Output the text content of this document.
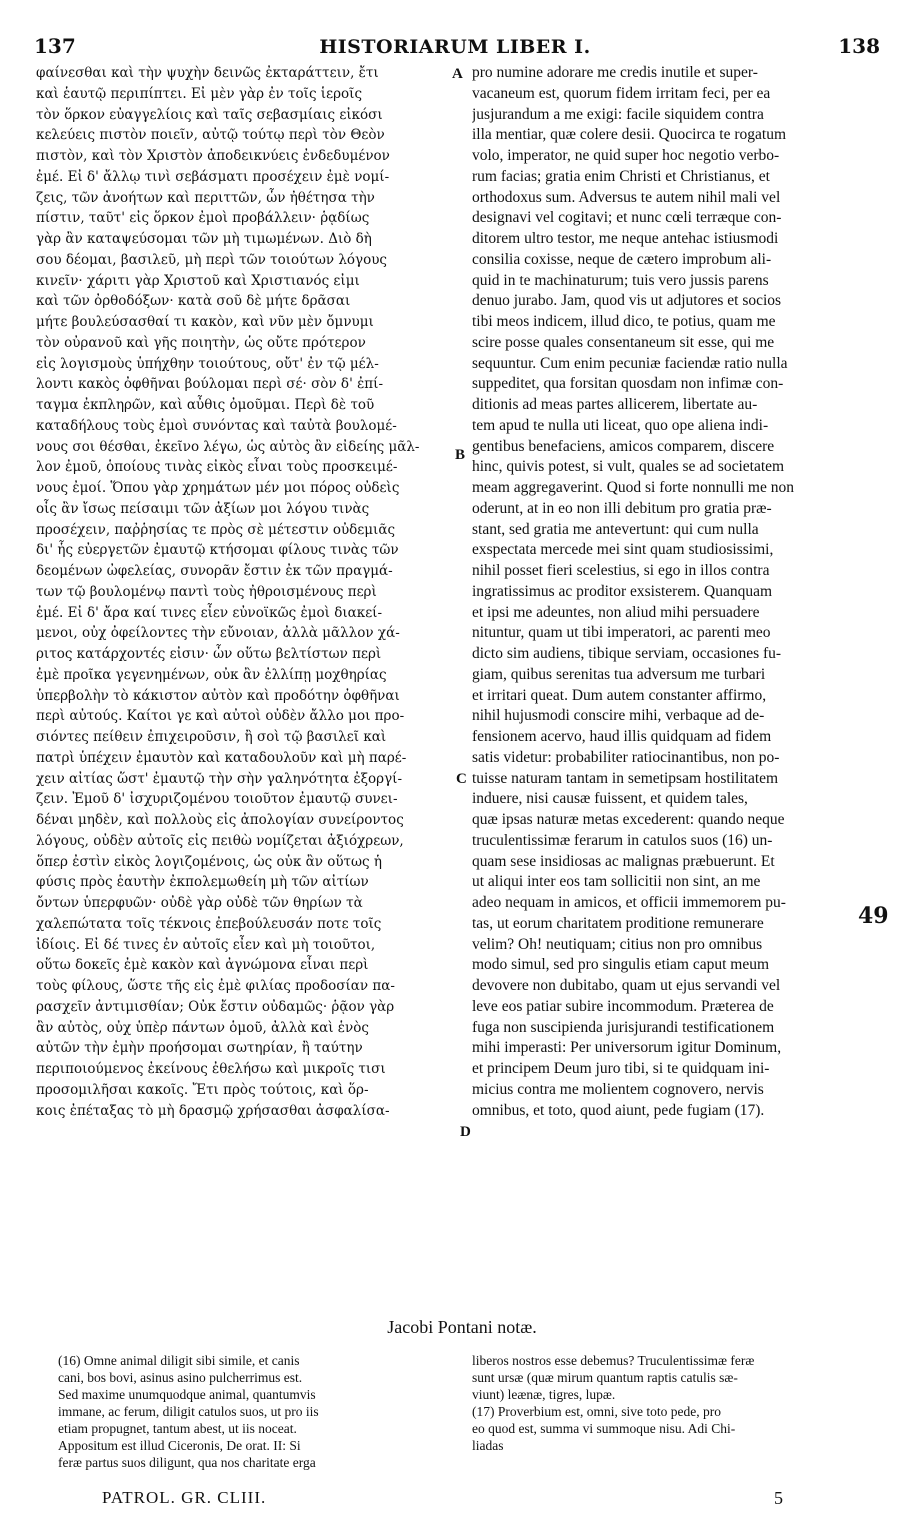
137	HISTORIARUM LIBER I.	138
φαίνεσθαι καὶ τὴν ψυχὴν δεινῶς ἐκταράττειν, ἔτι
καὶ ἑαυτῷ περιπίπτει. Εἰ μὲν γὰρ ἐν τοῖς ἱεροῖς
τὸν ὅρκον εὐαγγελίοις καὶ ταῖς σεβασμίαις εἰκόσι
κελεύεις πιστὸν ποιεῖν, αὐτῷ τούτῳ περὶ τὸν Θεὸν
πιστὸν, καὶ τὸν Χριστὸν ἀποδεικνύεις ἐνδεδυμένον
ἐμέ. Εἰ δ' ἄλλῳ τινὶ σεβάσματι προσέχειν ἐμὲ νομί-
ζεις, τῶν ἀνοήτων καὶ περιττῶν, ὧν ἠθέτησα τὴν
πίστιν, ταῦτ' εἰς ὅρκον ἐμοὶ προβάλλειν· ῥᾳδίως
γὰρ ἂν καταψεύσομαι τῶν μὴ τιμωμένων. Διὸ δὴ
σου δέομαι, βασιλεῦ, μὴ περὶ τῶν τοιούτων λόγους
κινεῖν· χάριτι γὰρ Χριστοῦ καὶ Χριστιανός εἰμι
καὶ τῶν ὀρθοδόξων· κατὰ σοῦ δὲ μήτε δρᾶσαι
μήτε βουλεύσασθαί τι κακὸν, καὶ νῦν μὲν ὄμνυμι
τὸν οὐρανοῦ καὶ γῆς ποιητὴν, ὡς οὔτε πρότερον
εἰς λογισμοὺς ὑπήχθην τοιούτους, οὔτ' ἐν τῷ μέλ-
λοντι κακὸς ὀφθῆναι βούλομαι περὶ σέ· σὸν δ' ἐπί-
ταγμα ἐκπληρῶν, καὶ αὖθις ὀμοῦμαι. Περὶ δὲ τοῦ
καταδήλους τοὺς ἐμοὶ συνόντας καὶ ταὐτὰ βουλομέ-
νους σοι θέσθαι, ἐκεῖνο λέγω, ὡς αὐτὸς ἂν εἰδείης μᾶλ-
λον ἐμοῦ, ὁποίους τινὰς εἰκὸς εἶναι τοὺς προσκειμέ-
νους ἐμοί. Ὅπου γὰρ χρημάτων μέν μοι πόρος οὐδεὶς
οἷς ἂν ἴσως πείσαιμι τῶν ἀξίων μοι λόγου τινὰς
προσέχειν, παῤῥησίας τε πρὸς σὲ μέτεστιν οὐδεμιᾶς
δι' ἧς εὐεργετῶν ἐμαυτῷ κτήσομαι φίλους τινὰς τῶν
δεομένων ὠφελείας, συνορᾶν ἔστιν ἐκ τῶν πραγμά-
των τῷ βουλομένῳ παντὶ τοὺς ἠθροισμένους περὶ
ἐμέ. Εἰ δ' ἄρα καί τινες εἶεν εὐνοϊκῶς ἐμοὶ διακεί-
μενοι, οὐχ ὀφείλοντες τὴν εὔνοιαν, ἀλλὰ μᾶλλον χά-
ριτος κατάρχοντές εἰσιν· ὧν οὕτω βελτίστων περὶ
ἐμὲ προῖκα γεγενημένων, οὐκ ἂν ἐλλίπῃ μοχθηρίας
ὑπερβολὴν τὸ κάκιστον αὐτὸν καὶ προδότην ὀφθῆναι
περὶ αὐτούς. Καίτοι γε καὶ αὐτοὶ οὐδὲν ἄλλο μοι προ-
σιόντες πείθειν ἐπιχειροῦσιν, ἢ σοὶ τῷ βασιλεῖ καὶ
πατρὶ ὑπέχειν ἐμαυτὸν καὶ καταδουλοῦν καὶ μὴ παρέ-
χειν αἰτίας ὥστ' ἐμαυτῷ τὴν σὴν γαληνότητα ἐξοργί-
ζειν. Ἐμοῦ δ' ἰσχυριζομένου τοιοῦτον ἐμαυτῷ συνει-
δέναι μηδὲν, καὶ πολλοὺς εἰς ἀπολογίαν συνείροντος
λόγους, οὐδὲν αὐτοῖς εἰς πειθὼ νομίζεται ἀξιόχρεων,
ὅπερ ἐστὶν εἰκὸς λογιζομένοις, ὡς οὐκ ἂν οὕτως ἡ
φύσις πρὸς ἑαυτὴν ἐκπολεμωθείη μὴ τῶν αἰτίων
ὄντων ὑπερφυῶν· οὐδὲ γὰρ οὐδὲ τῶν θηρίων τὰ
χαλεπώτατα τοῖς τέκνοις ἐπεβούλευσάν ποτε τοῖς
ἰδίοις. Εἰ δέ τινες ἐν αὐτοῖς εἶεν καὶ μὴ τοιοῦτοι,
οὕτω δοκεῖς ἐμὲ κακὸν καὶ ἀγνώμονα εἶναι περὶ
τοὺς φίλους, ὥστε τῆς εἰς ἐμὲ φιλίας προδοσίαν πα-
ρασχεῖν ἀντιμισθίαν; Οὐκ ἔστιν οὐδαμῶς· ῥᾷον γὰρ
ἂν αὐτὸς, οὐχ ὑπὲρ πάντων ὁμοῦ, ἀλλὰ καὶ ἑνὸς
αὐτῶν τὴν ἐμὴν προήσομαι σωτηρίαν, ἢ ταύτην
περιποιούμενος ἐκείνους ἐθελήσω καὶ μικροῖς τισι
προσομιλῆσαι κακοῖς. Ἔτι πρὸς τούτοις, καὶ ὅρ-
κοις ἐπέταξας τὸ μὴ δρασμῷ χρήσασθαι ἀσφαλίσα-
pro numine adorare me credis inutile et super-
vacaneum est, quorum fidem irritam feci, per ea
jusjurandum a me exigi: facile siquidem contra
illa mentiar, quæ colere desii. Quocirca te rogatum
volo, imperator, ne quid super hoc negotio verbo-
rum facias; gratia enim Christi et Christianus, et
orthodoxus sum. Adversus te autem nihil mali vel
designavi vel cogitavi; et nunc cœli terræque con-
ditorem ultro testor, me neque antehac istiusmodi
consilia coxisse, neque de cætero improbum ali-
quid in te machinaturum; tuis vero jussis parens
denuo jurabo. Jam, quod vis ut adjutores et socios
tibi meos indicem, illud dico, te potius, quam me
scire posse quales consentaneum sit esse, qui me
sequuntur. Cum enim pecuniæ faciendæ ratio nulla
suppeditet, qua forsitan quosdam non infimæ con-
ditionis ad meas partes allicerem, libertate au-
tem apud te nulla uti liceat, quo ope aliena indi-
gentibus benefaciens, amicos comparem, discere
hinc, quivis potest, si vult, quales se ad societatem
meam aggregaverint. Quod si forte nonnulli me non
oderunt, at in eo non illi debitum pro gratia præ-
stant, sed gratia me antevertunt: qui cum nulla
exspectata mercede mei sint quam studiosissimi,
nihil posset fieri scelestius, si ego in illos contra
ingratissimus ac proditor exsisterem. Quanquam
et ipsi me adeuntes, non aliud mihi persuadere
nituntur, quam ut tibi imperatori, ac parenti meo
dicto sim audiens, tibique serviam, occasiones fu-
giam, quibus serenitas tua adversum me turbari
et irritari queat. Dum autem constanter affirmo,
nihil hujusmodi conscire mihi, verbaque ad de-
fensionem acervo, haud illis quidquam ad fidem
satis videtur: probabiliter ratiocinantibus, non po-
tuisse naturam tantam in semetipsam hostilitatem
induere, nisi causæ fuissent, et quidem tales,
quæ ipsas naturæ metas excederent: quando neque
truculentissimæ ferarum in catulos suos (16) un-
quam sese insidiosas ac malignas præbuerunt. Et
ut aliqui inter eos tam sollicitii non sint, an me
adeo nequam in amicos, et officii immemorem pu-
tas, ut eorum charitatem proditione remunerare
velim? Oh! neutiquam; citius non pro omnibus
modo simul, sed pro singulis etiam caput meum
devovere non dubitabo, quam ut ejus servandi vel
leve eos patiar subire incommodum. Præterea de
fuga non suscipienda jurisjurandi testificationem
mihi imperasti: Per universorum igitur Dominum,
et principem Deum juro tibi, si te quidquam ini-
micius contra me molientem cognovero, nervis
omnibus, et toto, quod aiunt, pede fugiam (17).
A
B
C
D
49
Jacobi Pontani notæ.
(16) Omne animal diligit sibi simile, et canis
cani, bos bovi, asinus asino pulcherrimus est.
Sed maxime unumquodque animal, quantumvis
immane, ac ferum, diligit catulos suos, ut pro iis
etiam propugnet, tantum abest, ut iis noceat.
Appositum est illud Ciceronis, De orat. II: Si
feræ partus suos diligunt, qua nos charitate erga
liberos nostros esse debemus? Truculentissimæ feræ
sunt ursæ (quæ mirum quantum raptis catulis sæ-
viunt) leænæ, tigres, lupæ.
(17) Proverbium est, omni, sive toto pede, pro
eo quod est, summa vi summoque nisu. Adi Chi-
liadas
PATROL. GR. CLIII.	5
